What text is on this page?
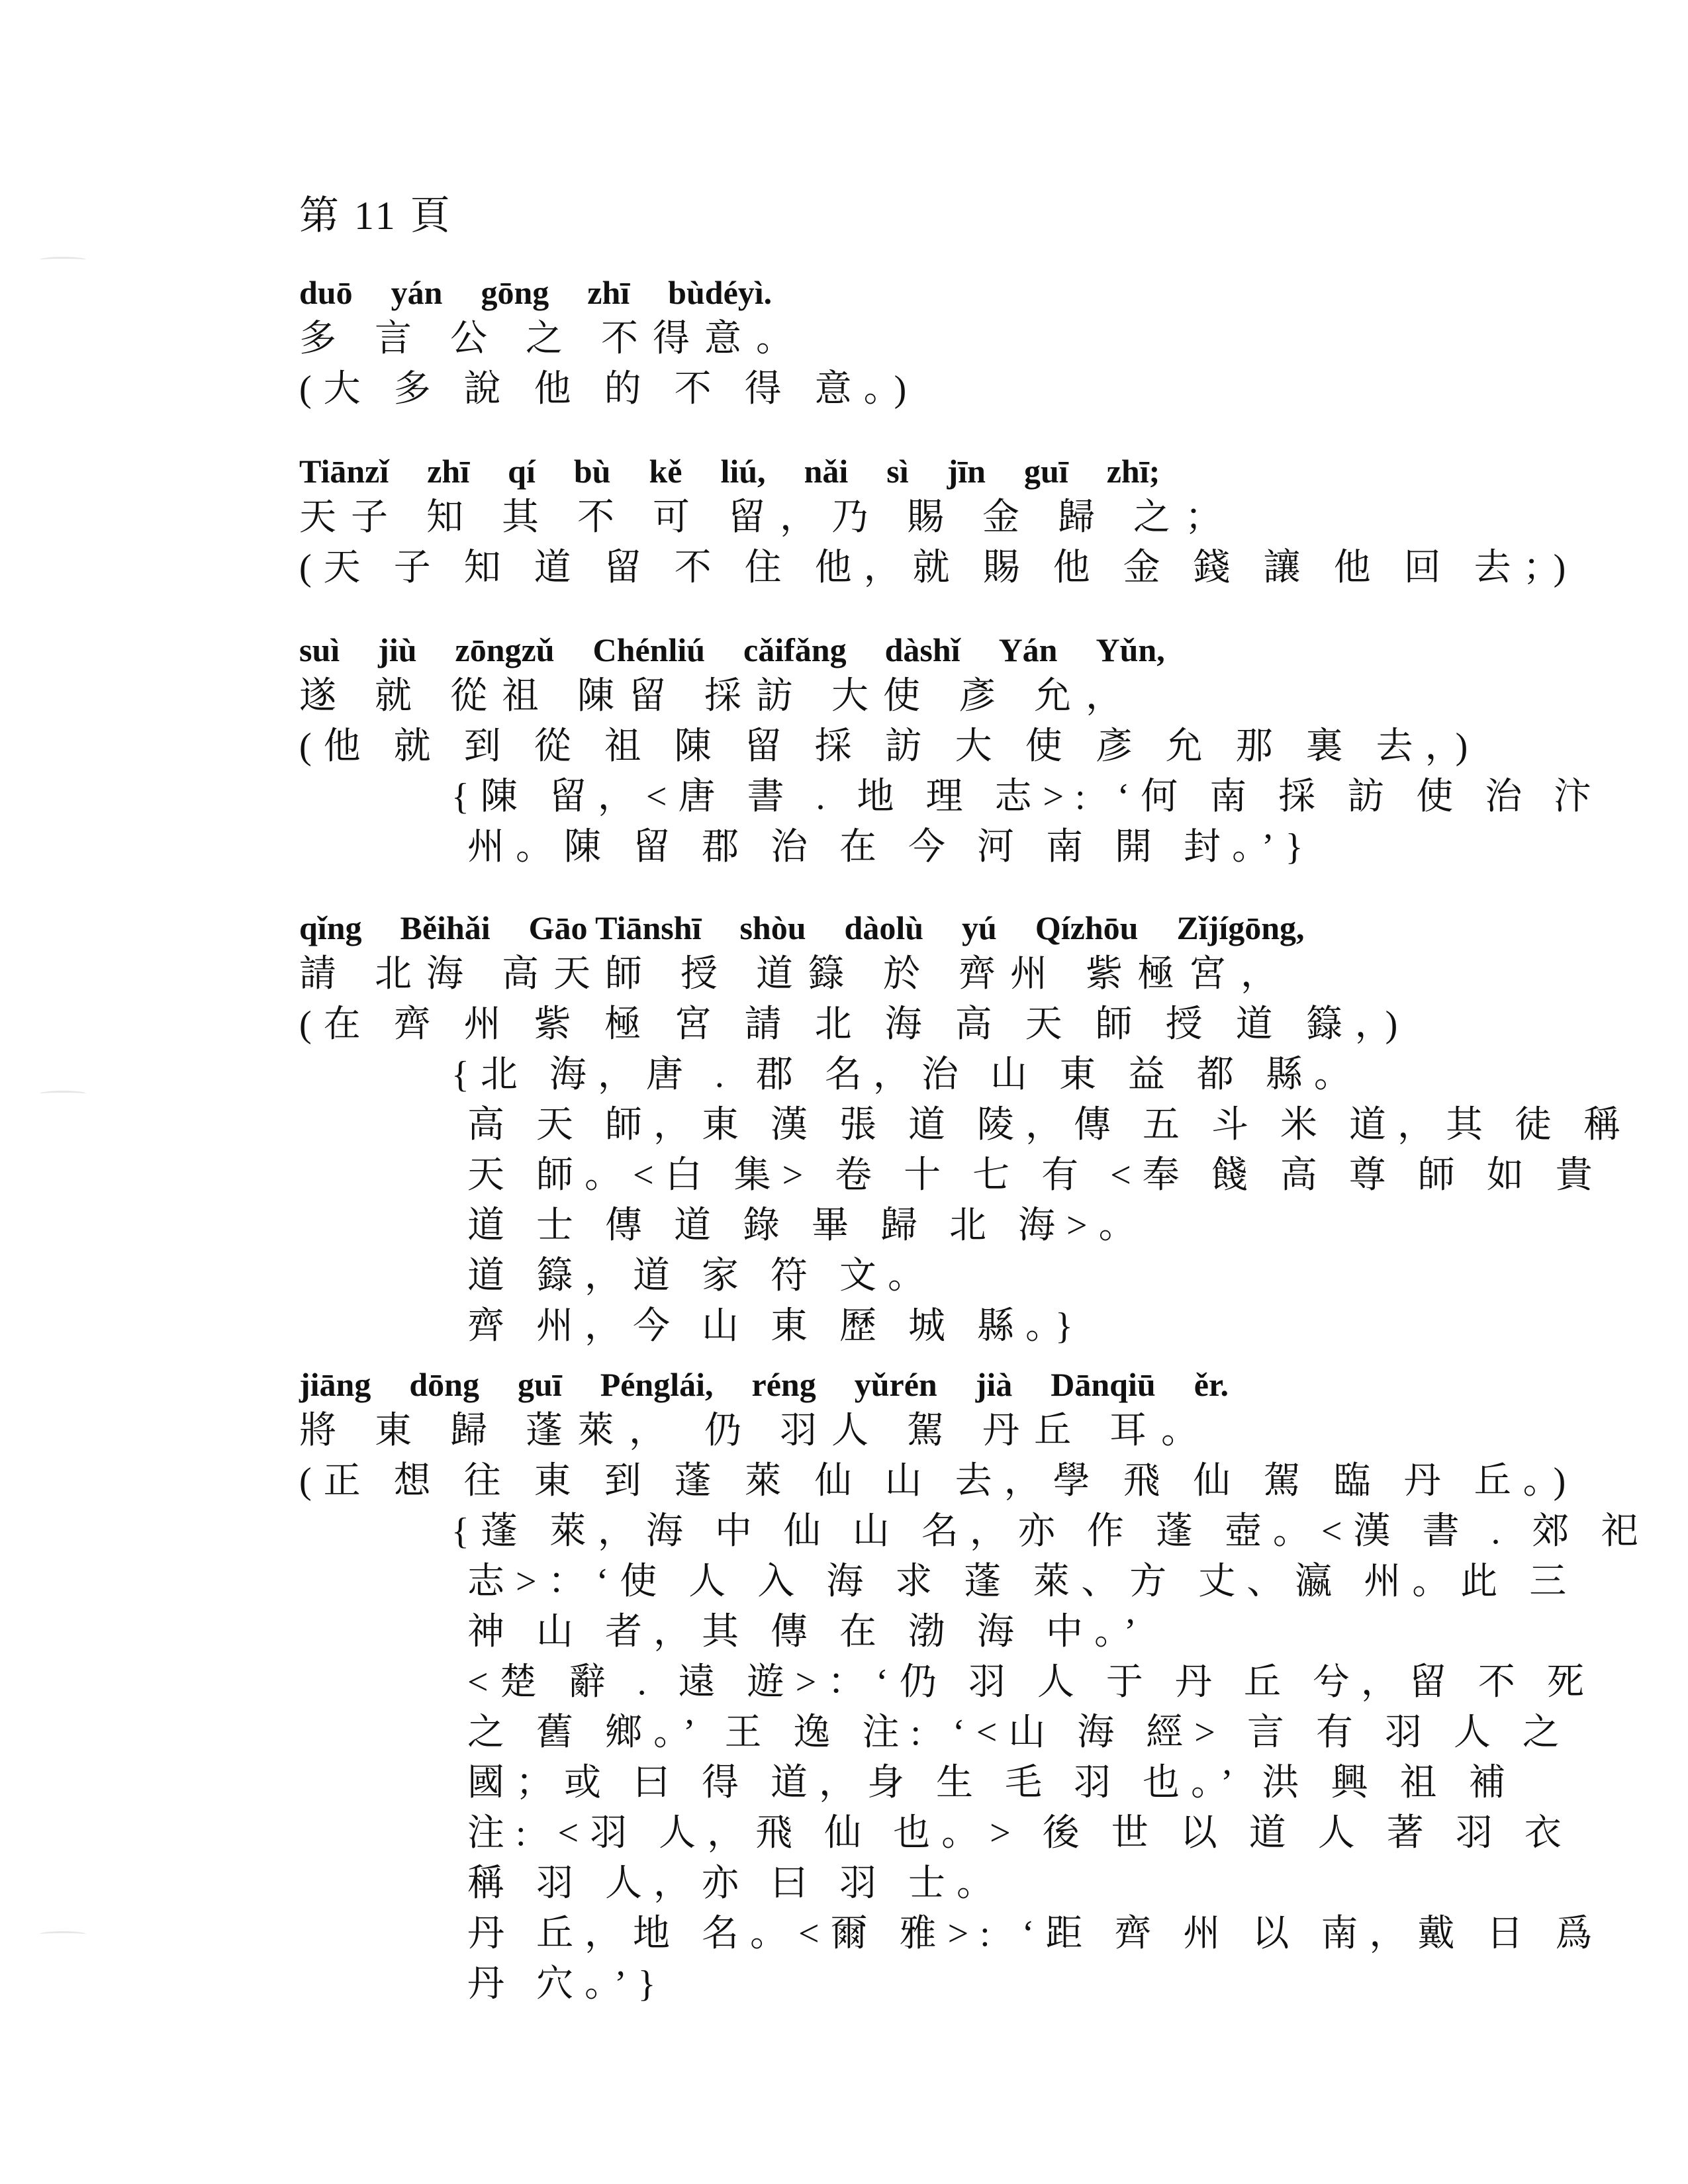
第 11 頁
duō yán gōng zhī bùdéyì.
多 言 公 之 不得意。
(大 多 說 他 的 不 得 意。)
Tiānzǐ zhī qí bù kě liú, nǎi sì jīn guī zhī;
天子 知 其 不 可 留，乃 賜 金 歸 之；
(天 子 知 道 留 不 住 他，就 賜 他 金 錢 讓 他 回 去；)
suì jiù zōngzǔ Chénliú cǎifǎng dàshǐ Yán Yǔn,
遂 就 從祖 陳留 採訪 大使 彥 允，
(他 就 到 從 祖 陳 留 採 訪 大 使 彥 允 那 裏 去，)
{陳 留，<唐 書 . 地 理 志>: ‘何 南 採 訪 使 治 汴
州。陳 留 郡 治 在 今 河 南 開 封。’}
qǐng Běihǎi Gāo Tiānshī shòu dàolù yú Qízhōu Zǐjígōng,
請 北海 高天師 授 道籙 於 齊州 紫極宮，
(在 齊 州 紫 極 宮 請 北 海 高 天 師 授 道 籙，)
{北 海，唐 . 郡 名，治 山 東 益 都 縣。
高 天 師，東 漢 張 道 陵，傳 五 斗 米 道，其 徒 稱
天 師。<白 集> 卷 十 七 有 <奉 餞 高 尊 師 如 貴
道 士 傳 道 錄 畢 歸 北 海>。
道 籙，道 家 符 文。
齊 州，今 山 東 歷 城 縣。}
jiāng dōng guī Pénglái, réng yǔrén jià Dānqiū ěr.
將 東 歸 蓬萊， 仍 羽人 駕 丹丘 耳。
(正 想 往 東 到 蓬 萊 仙 山 去，學 飛 仙 駕 臨 丹 丘。)
{蓬 萊，海 中 仙 山 名，亦 作 蓬 壺。<漢 書 . 郊 祀
志>：‘使 人 入 海 求 蓬 萊、方 丈、瀛 州。此 三
神 山 者，其 傳 在 渤 海 中。’
<楚 辭 . 遠 遊>：‘仍 羽 人 于 丹 丘 兮，留 不 死
之 舊 鄉。’ 王 逸 注: ‘<山 海 經> 言 有 羽 人 之
國；或 曰 得 道，身 生 毛 羽 也。’ 洪 興 祖 補
注: <羽 人，飛 仙 也。> 後 世 以 道 人 著 羽 衣
稱 羽 人，亦 曰 羽 士。
丹 丘，地 名。<爾 雅>: ‘距 齊 州 以 南，戴 日 爲
丹 穴。’}
